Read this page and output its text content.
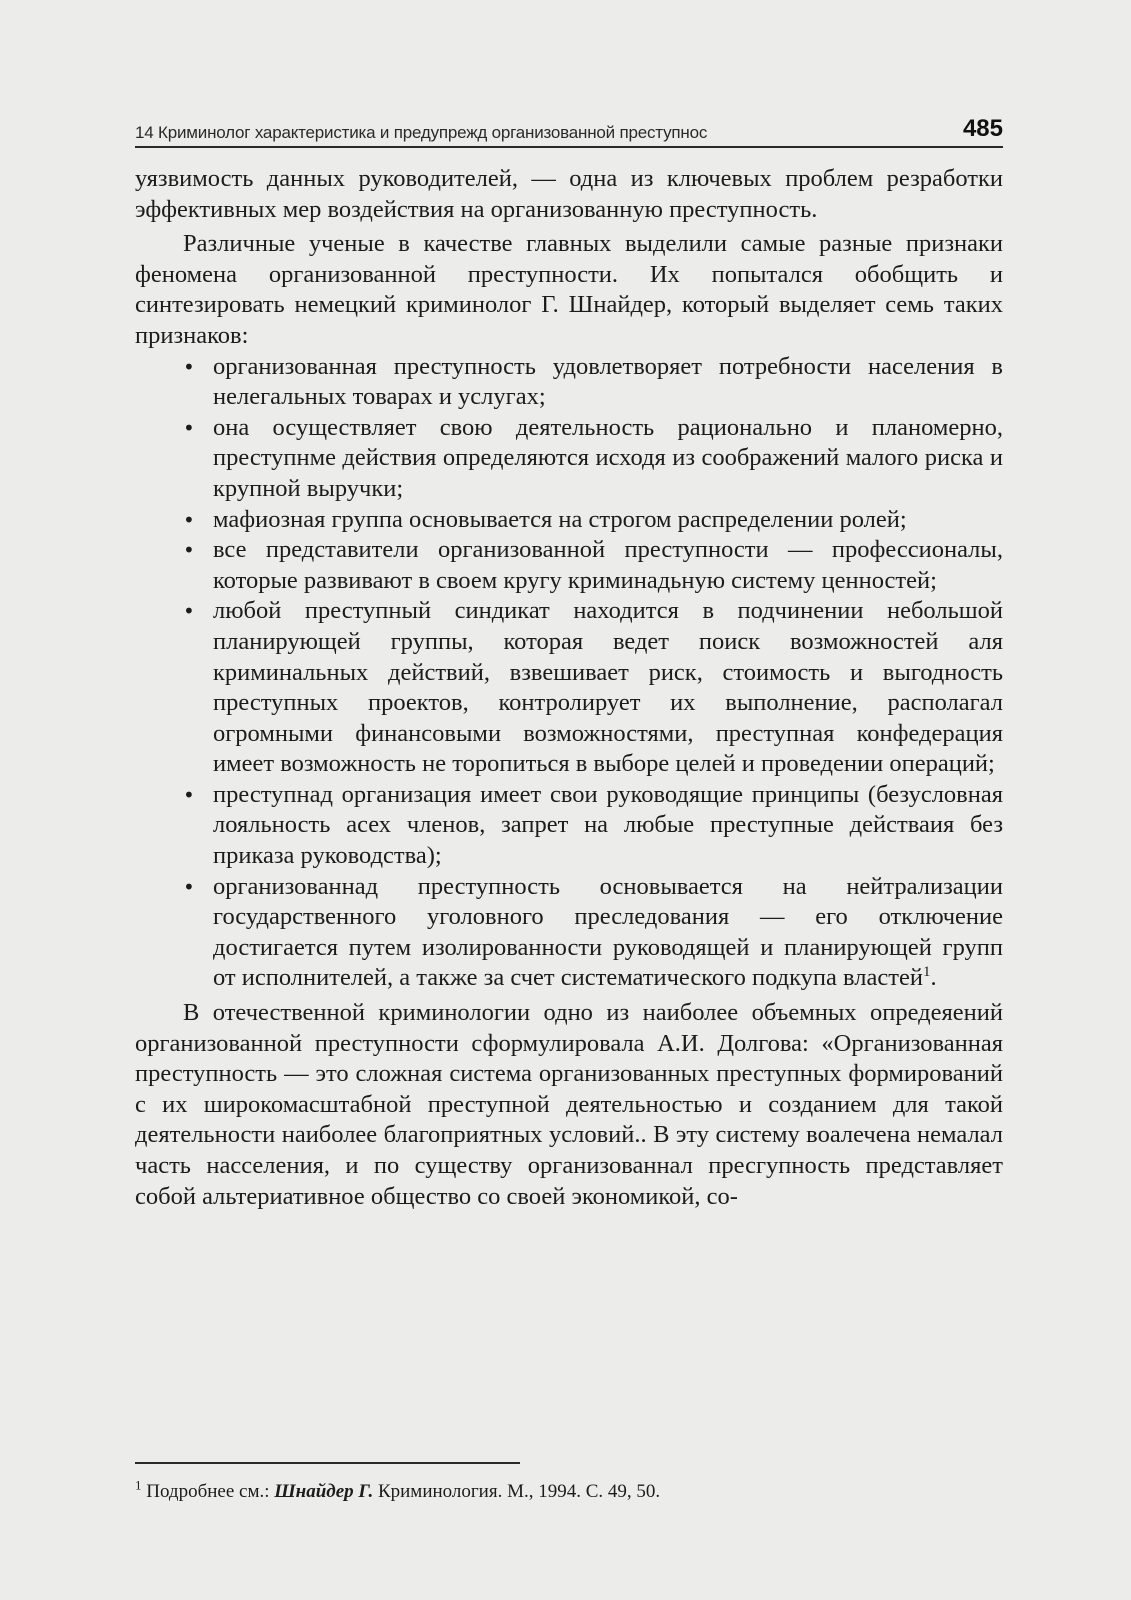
14 Криминолог характеристика и предупрежд организованной преступнос	485

уязвимость данных руководителей, — одна из ключевых проблем резработки эффективных мер воздействия на организованную преступность.

Различные ученые в качестве главных выделили самые разные признаки феномена организованной преступности. Их попытался обобщить и синтезировать немецкий криминолог Г. Шнайдер, который выделяет семь таких признаков:

• организованная преступность удовлетворяет потребности населения в нелегальных товарах и услугах;
• она осуществляет свою деятельность рационально и планомерно, преступнме действия определяются исходя из соображений малого риска и крупной выручки;
• мафиозная группа основывается на строгом распределении ролей;
• все представители организованной преступности — профессионалы, которые развивают в своем кругу криминадьную систему ценностей;
• любой преступный синдикат находится в подчинении небольшой планирующей группы, которая ведет поиск возможностей аля криминальных действий, взвешивает риск, стоимость и выгодность преступных проектов, контролирует их выполнение, располагал огромными финансовыми возможностями, преступная конфедерация имеет возможность не торопиться в выборе целей и проведении операций;
• преступнад организация имеет свои руководящие принципы (безусловная лояльность асех членов, запрет на любые преступные действаия без приказа руководства);
• организованнад преступность основывается на нейтрализации государственного уголовного преследования — его отключение достигается путем изолированности руководящей и планирующей групп от исполнителей, а также за счет систематического подкупа властей$^1$.

В отечественной криминологии одно из наиболее объемных опредеяений организованной преступности сформулировала А.И. Долгова: «Организованная преступность — это сложная система организованных преступных формирований с их широкомасштабной преступной деятельностью и созданием для такой деятельности наиболее благоприятных условий.. В эту систему воалечена немалал часть насселения, и по существу организованнал пресгупность представляет собой альтериативное общество со своей экономикой, со-

$^1$ Подробнее см.: Шнайдер Г. Криминология. М., 1994. С. 49, 50.
